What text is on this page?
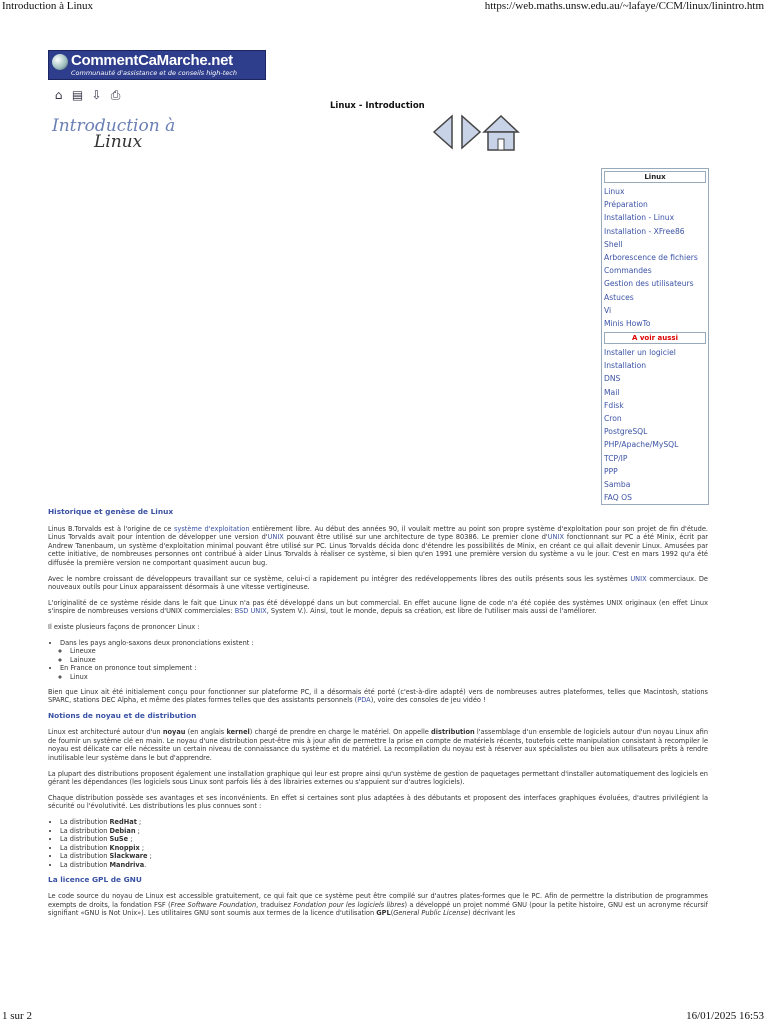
Introduction à Linux	https://web.maths.unsw.edu.au/~lafaye/CCM/linux/linintro.htm
CommentCaMarche.net
Communauté d'assistance et de conseils high-tech
⌂ ▤ ⇩ ⎙
Linux - Introduction
Introduction à
Linux
Linux
Linux
Préparation
Installation - Linux
Installation - XFree86
Shell
Arborescence de fichiers
Commandes
Gestion des utilisateurs
Astuces
Vi
Minis HowTo
A voir aussi
Installer un logiciel
Installation
DNS
Mail
Fdisk
Cron
PostgreSQL
PHP/Apache/MySQL
TCP/IP
PPP
Samba
FAQ OS
Historique et genèse de Linux

Linus B.Torvalds est à l'origine de ce système d'exploitation entièrement libre. Au début des années 90, il voulait mettre au point son propre système d'exploitation pour son projet de fin d'étude. Linus Torvalds avait pour intention de développer une version d'UNIX pouvant être utilisé sur une architecture de type 80386. Le premier clone d'UNIX fonctionnant sur PC a été Minix, écrit par Andrew Tanenbaum, un système d'exploitation minimal pouvant être utilisé sur PC. Linus Torvalds décida donc d'étendre les possibilités de Minix, en créant ce qui allait devenir Linux. Amusées par cette initiative, de nombreuses personnes ont contribué à aider Linus Torvalds à réaliser ce système, si bien qu'en 1991 une première version du système a vu le jour. C'est en mars 1992 qu'a été diffusée la première version ne comportant quasiment aucun bug.

Avec le nombre croissant de développeurs travaillant sur ce système, celui-ci a rapidement pu intégrer des redéveloppements libres des outils présents sous les systèmes UNIX commerciaux. De nouveaux outils pour Linux apparaissent désormais à une vitesse vertigineuse.

L'originalité de ce système réside dans le fait que Linux n'a pas été développé dans un but commercial. En effet aucune ligne de code n'a été copiée des systèmes UNIX originaux (en effet Linux s'inspire de nombreuses versions d'UNIX commerciales: BSD UNIX, System V.). Ainsi, tout le monde, depuis sa création, est libre de l'utiliser mais aussi de l'améliorer.

Il existe plusieurs façons de prononcer Linux :

• Dans les pays anglo-saxons deux prononciations existent :
◦ Lineuxe
◦ Lainuxe
• En France on prononce tout simplement :
◦ Linux

Bien que Linux ait été initialement conçu pour fonctionner sur plateforme PC, il a désormais été porté (c'est-à-dire adapté) vers de nombreuses autres plateformes, telles que Macintosh, stations SPARC, stations DEC Alpha, et même des plates formes telles que des assistants personnels (PDA), voire des consoles de jeu vidéo !

Notions de noyau et de distribution

Linux est architecturé autour d'un noyau (en anglais kernel) chargé de prendre en charge le matériel. On appelle distribution l'assemblage d'un ensemble de logiciels autour d'un noyau Linux afin de fournir un système clé en main. Le noyau d'une distribution peut-être mis à jour afin de permettre la prise en compte de matériels récents, toutefois cette manipulation consistant à recompiler le noyau est délicate car elle nécessite un certain niveau de connaissance du système et du matériel. La recompilation du noyau est à réserver aux spécialistes ou bien aux utilisateurs prêts à rendre inutilisable leur système dans le but d'apprendre.

La plupart des distributions proposent également une installation graphique qui leur est propre ainsi qu'un système de gestion de paquetages permettant d'installer automatiquement des logiciels en gérant les dépendances (les logiciels sous Linux sont parfois liés à des librairies externes ou s'appuient sur d'autres logiciels).

Chaque distribution possède ses avantages et ses inconvénients. En effet si certaines sont plus adaptées à des débutants et proposent des interfaces graphiques évoluées, d'autres privilégient la sécurité ou l'évolutivité. Les distributions les plus connues sont :

• La distribution RedHat ;
• La distribution Debian ;
• La distribution SuSe ;
• La distribution Knoppix ;
• La distribution Slackware ;
• La distribution Mandriva.
La licence GPL de GNU

Le code source du noyau de Linux est accessible gratuitement, ce qui fait que ce système peut être compilé sur d'autres plates-formes que le PC. Afin de permettre la distribution de programmes exempts de droits, la fondation FSF (Free Software Foundation, traduisez Fondation pour les logiciels libres) a développé un projet nommé GNU (pour la petite histoire, GNU est un acronyme récursif signifiant «GNU is Not Unix»). Les utilitaires GNU sont soumis aux termes de la licence d'utilisation GPL(General Public License) décrivant les

1 sur 2	16/01/2025 16:53
